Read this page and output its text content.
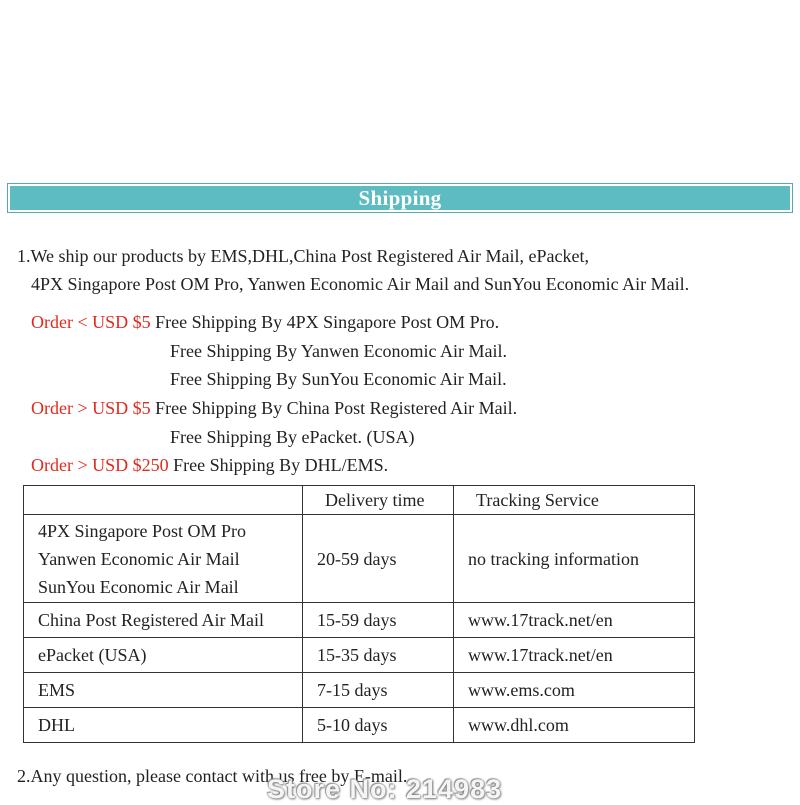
Shipping
1.We ship our products by EMS,DHL,China Post Registered Air Mail, ePacket,
4PX Singapore Post OM Pro, Yanwen Economic Air Mail and SunYou Economic Air Mail.
Order < USD $5 Free Shipping By 4PX Singapore Post OM Pro.
Free Shipping By Yanwen Economic Air Mail.
Free Shipping By SunYou Economic Air Mail.
Order > USD $5 Free Shipping By China Post Registered Air Mail.
Free Shipping By ePacket. (USA)
Order > USD $250 Free Shipping By DHL/EMS.
	Delivery time	Tracking Service

4PX Singapore Post OM Pro
Yanwen Economic Air Mail
SunYou Economic Air Mail	20-59 days	no tracking information
China Post Registered Air Mail	15-59 days	www.17track.net/en
ePacket (USA)	15-35 days	www.17track.net/en
EMS	7-15 days	www.ems.com
DHL	5-10 days	www.dhl.com
2.Any question, please contact with us free by E-mail.
Store No: 214983
